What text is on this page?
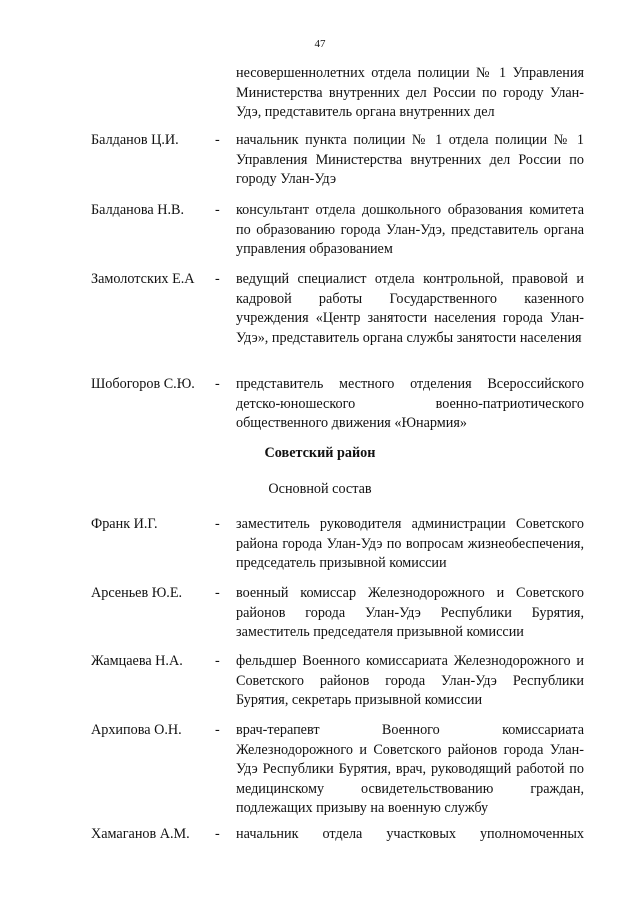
47
несовершеннолетних отдела полиции № 1 Управления Министерства внутренних дел России по городу Улан-Удэ, представитель органа внутренних дел
Балданов Ц.И.	- начальник пункта полиции № 1 отдела полиции № 1 Управления Министерства внутренних дел России по городу Улан-Удэ
Балданова Н.В. - консультант отдела дошкольного образования комитета по образованию города Улан-Удэ, представитель органа управления образованием
Замолотских Е.А - ведущий специалист отдела контрольной, правовой и кадровой работы Государственного казенного учреждения «Центр занятости населения города Улан-Удэ», представитель органа службы занятости населения
Шобогоров С.Ю. - представитель местного отделения Всероссийского детско-юношеского военно-патриотического общественного движения «Юнармия»
Советский район
Основной состав
Франк И.Г.	- заместитель руководителя администрации Советского района города Улан-Удэ по вопросам жизнеобеспечения, председатель призывной комиссии
Арсеньев Ю.Е. - военный комиссар Железнодорожного и Советского районов города Улан-Удэ Республики Бурятия, заместитель председателя призывной комиссии
Жамцаева Н.А. - фельдшер Военного комиссариата Железнодорожного и Советского районов города Улан-Удэ Республики Бурятия, секретарь призывной комиссии
Архипова О.Н. - врач-терапевт Военного комиссариата Железнодорожного и Советского районов города Улан-Удэ Республики Бурятия, врач, руководящий работой по медицинскому освидетельствованию граждан, подлежащих призыву на военную службу
Хамаганов А.М. - начальник отдела участковых уполномоченных
